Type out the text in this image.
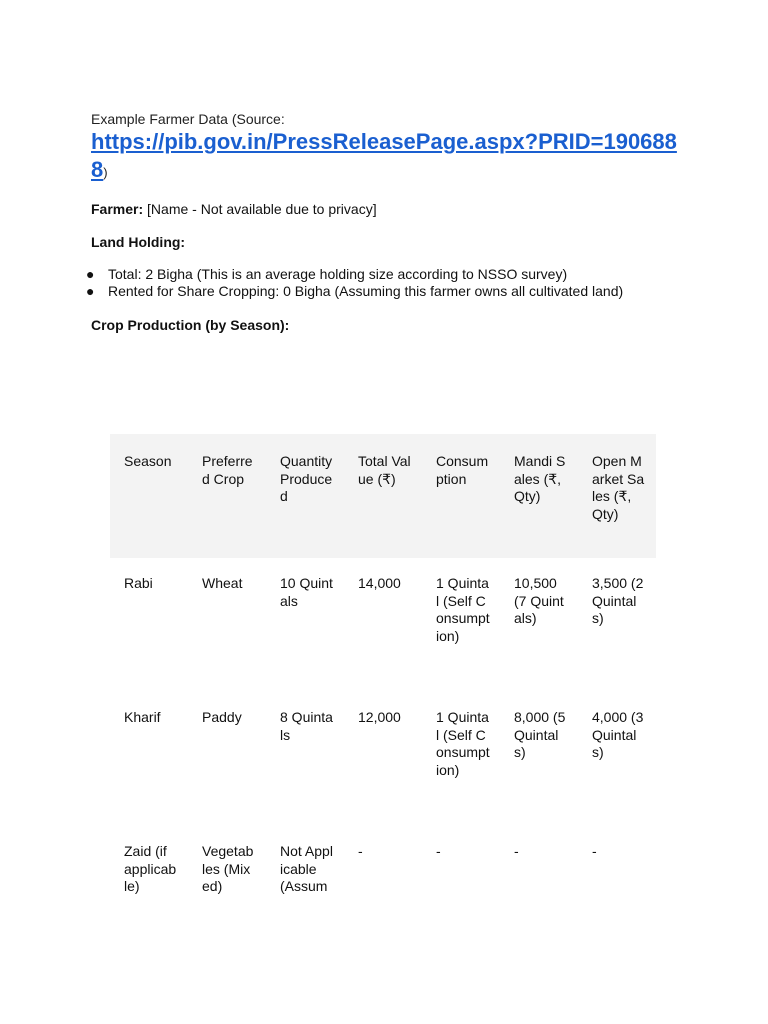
Example Farmer Data (Source:
https://pib.gov.in/PressReleasePage.aspx?PRID=1906888)
Farmer: [Name - Not available due to privacy]
Land Holding:
● Total: 2 Bigha (This is an average holding size according to NSSO survey)
● Rented for Share Cropping: 0 Bigha (Assuming this farmer owns all cultivated land)
Crop Production (by Season):
Season	Preferred Crop	Quantity Produced	Total Value (₹)	Consumption	Mandi Sales (₹, Qty)	Open Market Sales (₹, Qty)
Rabi	Wheat	10 Quintals	14,000	1 Quintal (Self Consumption)	10,500 (7 Quintals)	3,500 (2 Quintals)
Kharif	Paddy	8 Quintals	12,000	1 Quintal (Self Consumption)	8,000 (5 Quintals)	4,000 (3 Quintals)
Zaid (if applicable)	Vegetables (Mixed)	Not Applicable (Assum	-	-	-	-
